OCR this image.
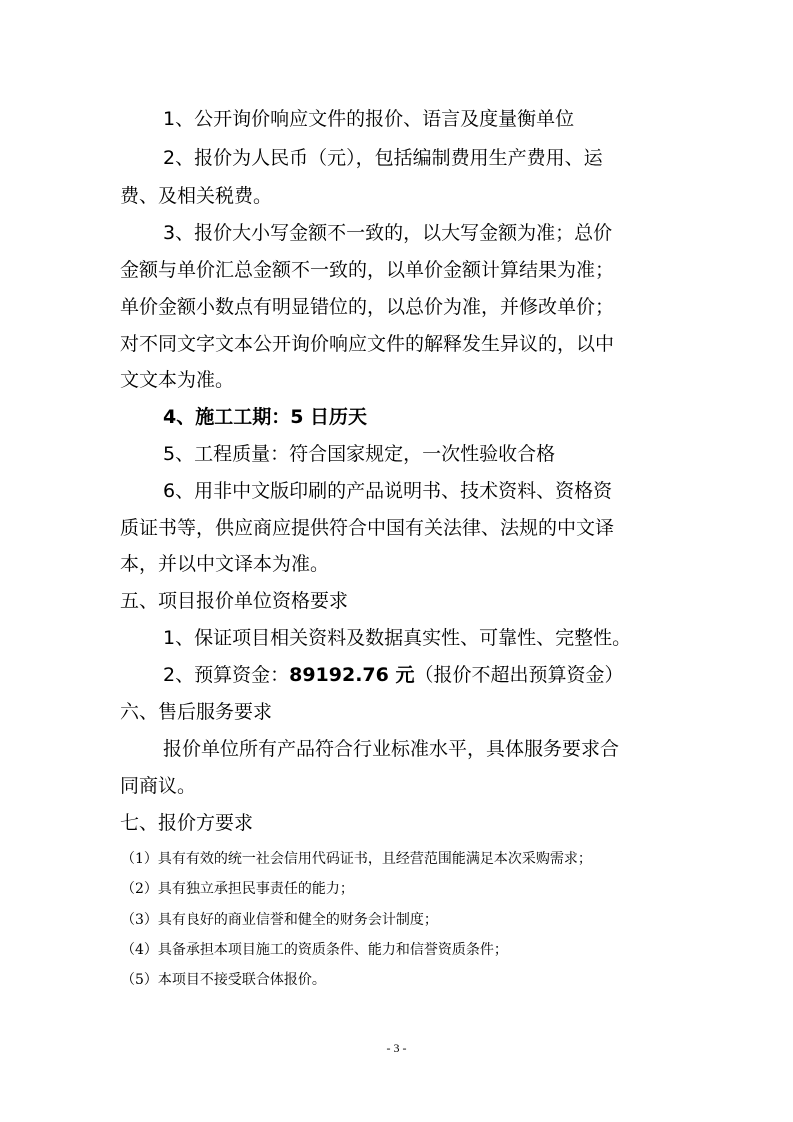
1、公开询价响应文件的报价、语言及度量衡单位
2、报价为人民币（元），包括编制费用生产费用、运
费、及相关税费。
3、报价大小写金额不一致的，以大写金额为准；总价
金额与单价汇总金额不一致的，以单价金额计算结果为准；
单价金额小数点有明显错位的，以总价为准，并修改单价；
对不同文字文本公开询价响应文件的解释发生异议的，以中
文文本为准。
4、施工工期：5 日历天
5、工程质量：符合国家规定，一次性验收合格
6、用非中文版印刷的产品说明书、技术资料、资格资
质证书等，供应商应提供符合中国有关法律、法规的中文译
本，并以中文译本为准。
五、项目报价单位资格要求
1、保证项目相关资料及数据真实性、可靠性、完整性。
2、预算资金：89192.76 元（报价不超出预算资金）
六、售后服务要求
报价单位所有产品符合行业标准水平，具体服务要求合
同商议。
七、报价方要求
（1）具有有效的统一社会信用代码证书，且经营范围能满足本次采购需求；
（2）具有独立承担民事责任的能力；
（3）具有良好的商业信誉和健全的财务会计制度；
（4）具备承担本项目施工的资质条件、能力和信誉资质条件；
（5）本项目不接受联合体报价。
- 3 -
